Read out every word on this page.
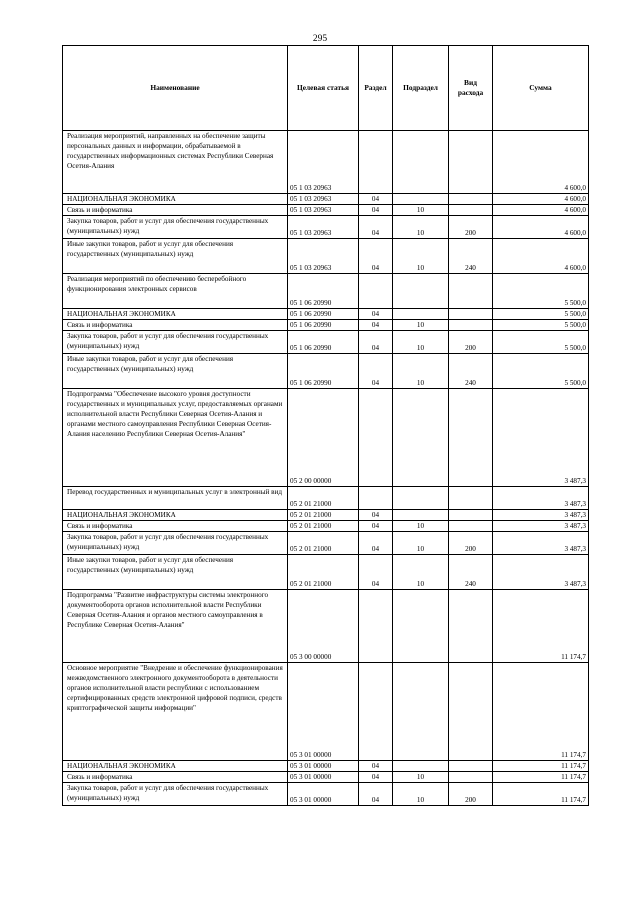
295
Наименование	Целевая статья	Раздел	Подраздел	Вид расхода	Сумма
Реализация мероприятий, направленных на обеспечение защиты персональных данных и информации, обрабатываемой в государственных информационных системах Республики Северная Осетия-Алания	05 1 03 20963				4 600,0
НАЦИОНАЛЬНАЯ ЭКОНОМИКА	05 1 03 20963	04			4 600,0
Связь и информатика	05 1 03 20963	04	10		4 600,0
Закупка товаров, работ и услуг для обеспечения государственных (муниципальных) нужд	05 1 03 20963	04	10	200	4 600,0
Иные закупки товаров, работ и услуг для обеспечения государственных (муниципальных) нужд	05 1 03 20963	04	10	240	4 600,0
Реализация мероприятий по обеспечению бесперебойного функционирования электронных сервисов	05 1 06 20990				5 500,0
НАЦИОНАЛЬНАЯ ЭКОНОМИКА	05 1 06 20990	04			5 500,0
Связь и информатика	05 1 06 20990	04	10		5 500,0
Закупка товаров, работ и услуг для обеспечения государственных (муниципальных) нужд	05 1 06 20990	04	10	200	5 500,0
Иные закупки товаров, работ и услуг для обеспечения государственных (муниципальных) нужд	05 1 06 20990	04	10	240	5 500,0
Подпрограмма "Обеспечение высокого уровня доступности государственных и муниципальных услуг, предоставляемых органами исполнительной власти Республики Северная Осетия-Алания и органами местного самоуправления Республики Северная Осетия-Алания населению Республики Северная Осетия-Алания"	05 2 00 00000				3 487,3
Перевод государственных и муниципальных услуг в электронный вид	05 2 01 21000				3 487,3
НАЦИОНАЛЬНАЯ ЭКОНОМИКА	05 2 01 21000	04			3 487,3
Связь и информатика	05 2 01 21000	04	10		3 487,3
Закупка товаров, работ и услуг для обеспечения государственных (муниципальных) нужд	05 2 01 21000	04	10	200	3 487,3
Иные закупки товаров, работ и услуг для обеспечения государственных (муниципальных) нужд	05 2 01 21000	04	10	240	3 487,3
Подпрограмма "Развитие инфраструктуры системы электронного документооборота органов исполнительной власти Республики Северная Осетия-Алания и органов местного самоуправления в Республике Северная Осетия-Алания"	05 3 00 00000				11 174,7
Основное мероприятие "Внедрение и обеспечение функционирования межведомственного электронного документооборота в деятельности органов исполнительной власти республики с использованием сертифицированных средств электронной цифровой подписи, средств криптографической защиты информации"	05 3 01 00000				11 174,7
НАЦИОНАЛЬНАЯ ЭКОНОМИКА	05 3 01 00000	04			11 174,7
Связь и информатика	05 3 01 00000	04	10		11 174,7
Закупка товаров, работ и услуг для обеспечения государственных (муниципальных) нужд	05 3 01 00000	04	10	200	11 174,7
